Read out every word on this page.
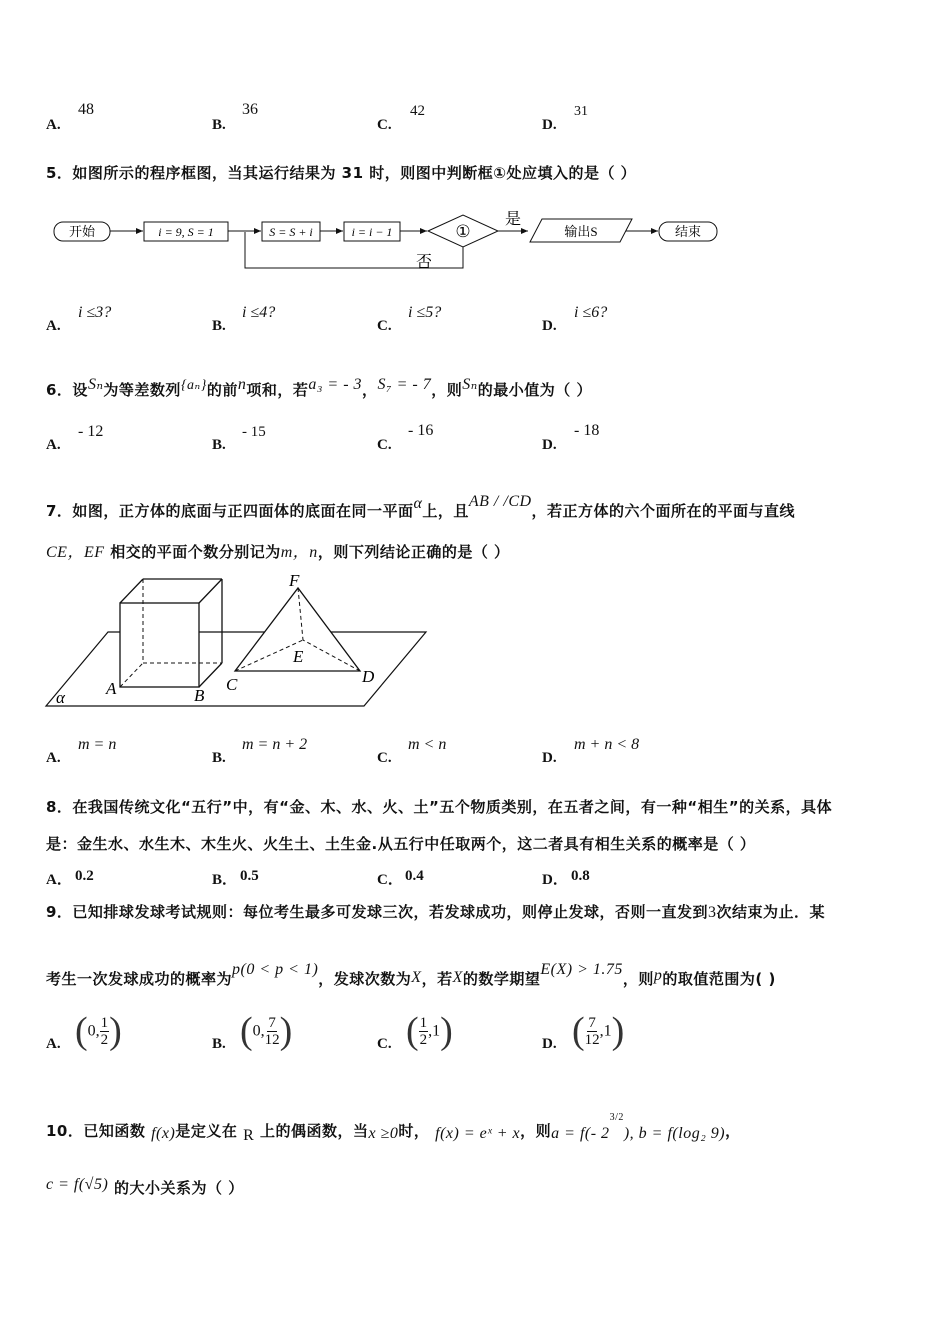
A.
48
B.
36
C.
42
D.
31
5．如图所示的程序框图，当其运行结果为 31 时，则图中判断框①处应填入的是（ ）
开始	i = 9, S = 1	S = S + i	i = i − 1	①
是
输出S	结束
否
A.
i ≤3?
B.
i ≤4?
C.
i ≤5?
D.
i ≤6?
6．设Sₙ为等差数列{aₙ}的前n项和，若a₃ = - 3，S₇ = - 7，则Sₙ的最小值为（ ）
A.
- 12
B.
- 15
C.
- 16
D.
- 18
7．如图，正方体的底面与正四面体的底面在同一平面α上，且AB / /CD，若正方体的六个面所在的平面与直线
CE，EF 相交的平面个数分别记为m，n，则下列结论正确的是（ ）
F
E
A	B
C	D
α
A.
m = n
B.
m = n + 2
C.
m < n
D.
m + n < 8
8．在我国传统文化“五行”中，有“金、木、水、火、土”五个物质类别，在五者之间，有一种“相生”的关系，具体
是：金生水、水生木、木生火、火生土、土生金.从五行中任取两个，这二者具有相生关系的概率是（ ）
A． 0.2	B． 0.5	C． 0.4	D． 0.8
9．已知排球发球考试规则：每位考生最多可发球三次，若发球成功，则停止发球，否则一直发到3次结束为止．某
考生一次发球成功的概率为p(0 < p < 1)，发球次数为X，若X的数学期望E(X) > 1.75，则p的取值范围为( )
A. (0, $\frac{1}{2}$ )	B. (0, $\frac{7}{12}$ )	C. ( $\frac{1}{2} ,1$)	D. ( $\frac{7}{12} ,1$)
10．已知函数 f(x)是定义在 R 上的偶函数，当x ≥0时， f(x) = eˣ + x，则a = f(- $2^{3/2}$), b = f(log₂ 9)，
c = f(√5) 的大小关系为（ ）
